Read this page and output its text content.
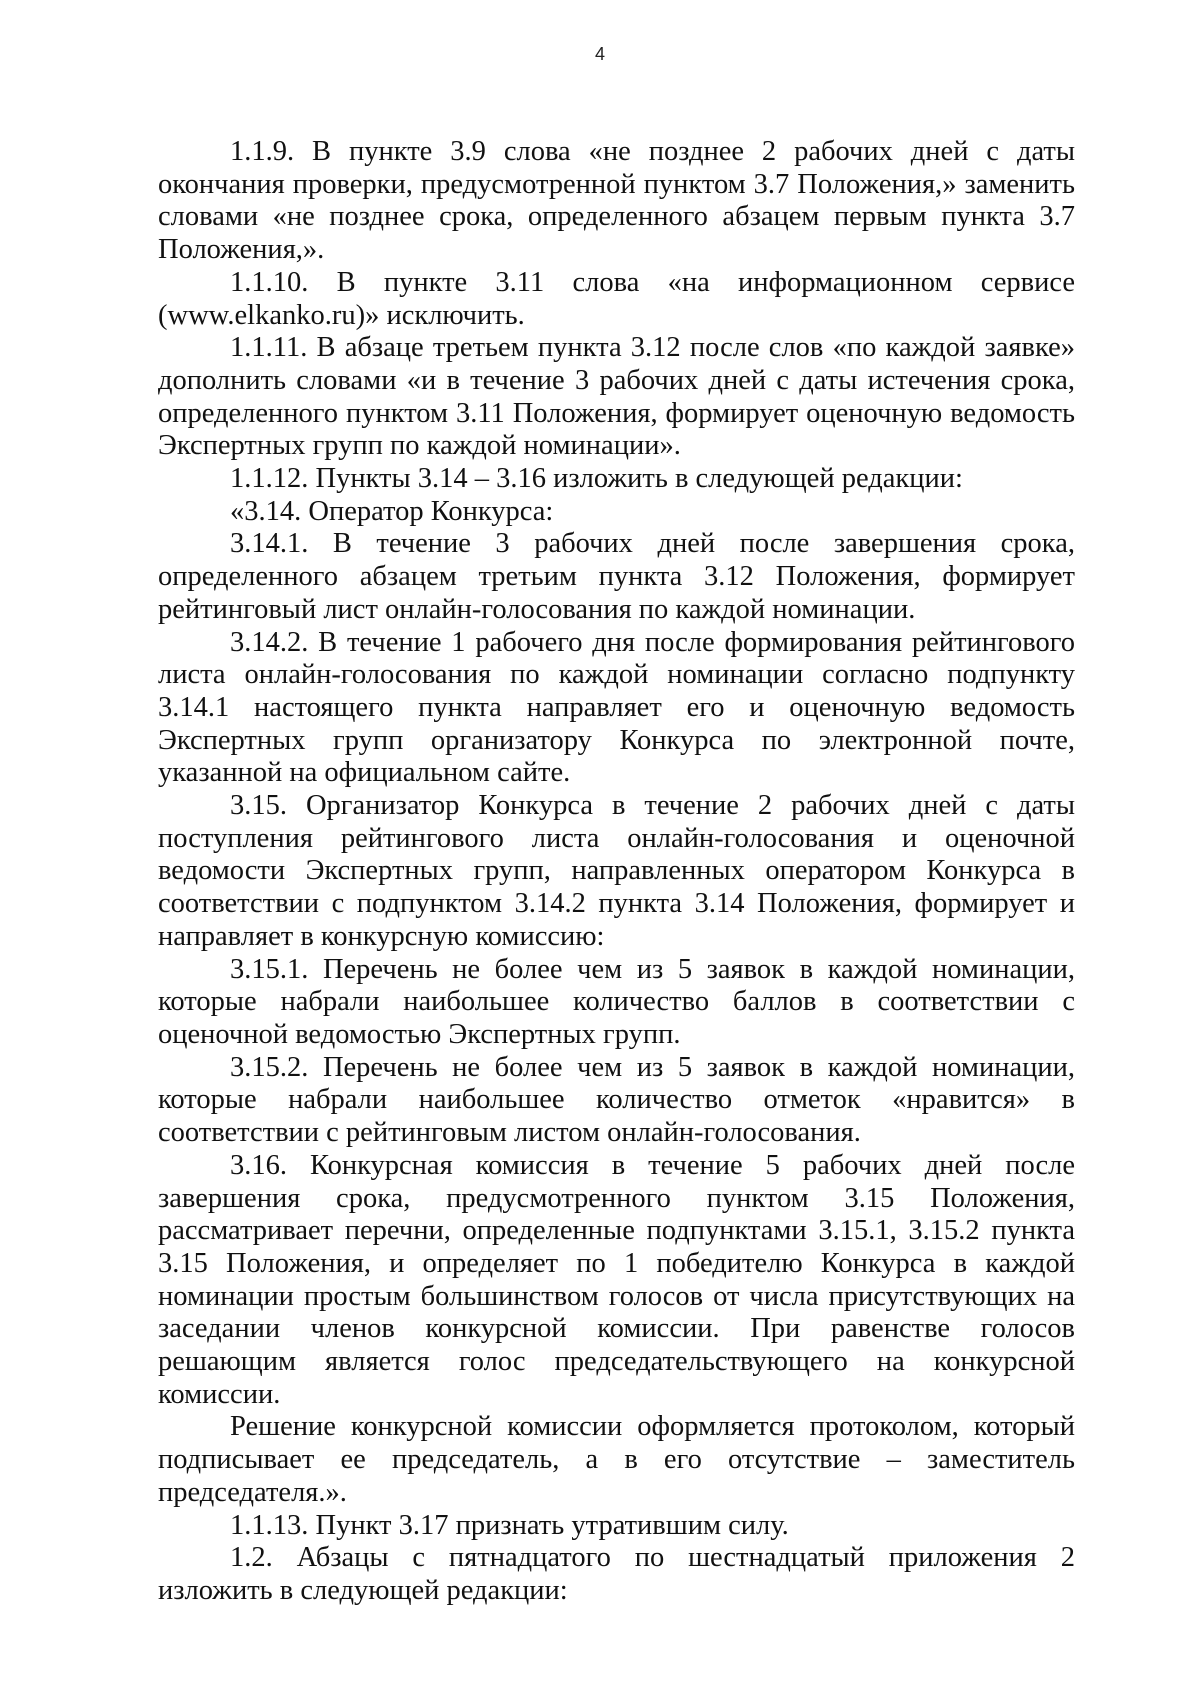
4

1.1.9. В пункте 3.9 слова «не позднее 2 рабочих дней с даты окончания проверки, предусмотренной пунктом 3.7 Положения,» заменить словами «не позднее срока, определенного абзацем первым пункта 3.7 Положения,».

1.1.10. В пункте 3.11 слова «на информационном сервисе (www.elkanko.ru)» исключить.

1.1.11. В абзаце третьем пункта 3.12 после слов «по каждой заявке» дополнить словами «и в течение 3 рабочих дней с даты истечения срока, определенного пунктом 3.11 Положения, формирует оценочную ведомость Экспертных групп по каждой номинации».

1.1.12. Пункты 3.14 – 3.16 изложить в следующей редакции:

«3.14. Оператор Конкурса:

3.14.1. В течение 3 рабочих дней после завершения срока, определенного абзацем третьим пункта 3.12 Положения, формирует рейтинговый лист онлайн-голосования по каждой номинации.

3.14.2. В течение 1 рабочего дня после формирования рейтингового листа онлайн-голосования по каждой номинации согласно подпункту 3.14.1 настоящего пункта направляет его и оценочную ведомость Экспертных групп организатору Конкурса по электронной почте, указанной на официальном сайте.

3.15. Организатор Конкурса в течение 2 рабочих дней с даты поступления рейтингового листа онлайн-голосования и оценочной ведомости Экспертных групп, направленных оператором Конкурса в соответствии с подпунктом 3.14.2 пункта 3.14 Положения, формирует и направляет в конкурсную комиссию:

3.15.1. Перечень не более чем из 5 заявок в каждой номинации, которые набрали наибольшее количество баллов в соответствии с оценочной ведомостью Экспертных групп.

3.15.2. Перечень не более чем из 5 заявок в каждой номинации, которые набрали наибольшее количество отметок «нравится» в соответствии с рейтинговым листом онлайн-голосования.

3.16. Конкурсная комиссия в течение 5 рабочих дней после завершения срока, предусмотренного пунктом 3.15 Положения, рассматривает перечни, определенные подпунктами 3.15.1, 3.15.2 пункта 3.15 Положения, и определяет по 1 победителю Конкурса в каждой номинации простым большинством голосов от числа присутствующих на заседании членов конкурсной комиссии. При равенстве голосов решающим является голос председательствующего на конкурсной комиссии.

Решение конкурсной комиссии оформляется протоколом, который подписывает ее председатель, а в его отсутствие – заместитель председателя.».

1.1.13. Пункт 3.17 признать утратившим силу.

1.2. Абзацы с пятнадцатого по шестнадцатый приложения 2 изложить в следующей редакции:
